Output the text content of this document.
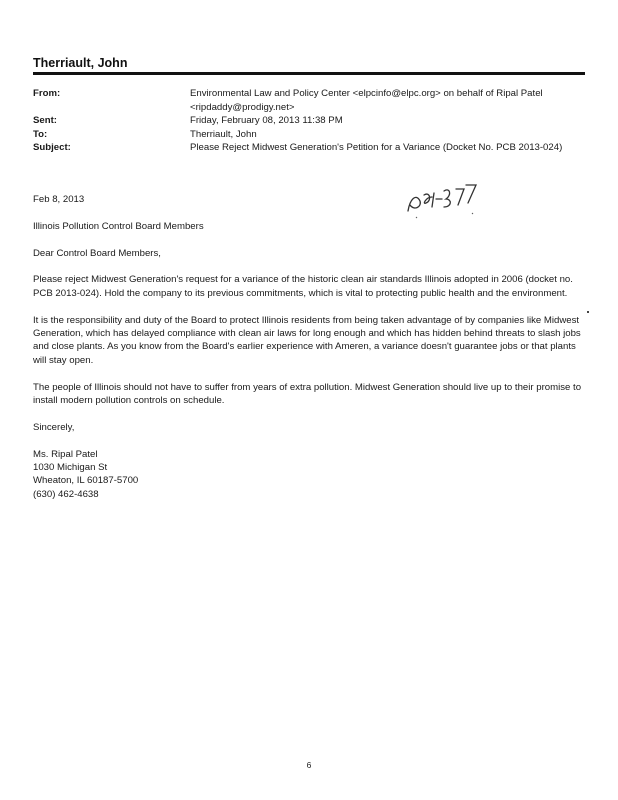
Therriault, John
From:	Environmental Law and Policy Center <elpcinfo@elpc.org> on behalf of Ripal Patel
<ripdaddy@prodigy.net>
Sent:	Friday, February 08, 2013 11:38 PM
To:	Therriault, John
Subject:	Please Reject Midwest Generation's Petition for a Variance (Docket No. PCB 2013-024)

Feb 8, 2013

Illinois Pollution Control Board Members

Dear Control Board Members,

Please reject Midwest Generation's request for a variance of the historic clean air standards Illinois adopted in 2006 (docket no. PCB 2013-024). Hold the company to its previous commitments, which is vital to protecting public health and the environment.

It is the responsibility and duty of the Board to protect Illinois residents from being taken advantage of by companies like Midwest Generation, which has delayed compliance with clean air laws for long enough and which has hidden behind threats to slash jobs and close plants. As you know from the Board's earlier experience with Ameren, a variance doesn't guarantee jobs or that plants will stay open.

The people of Illinois should not have to suffer from years of extra pollution. Midwest Generation should live up to their promise to install modern pollution controls on schedule.

Sincerely,

Ms. Ripal Patel
1030 Michigan St
Wheaton, IL 60187-5700
(630) 462-4638
6
